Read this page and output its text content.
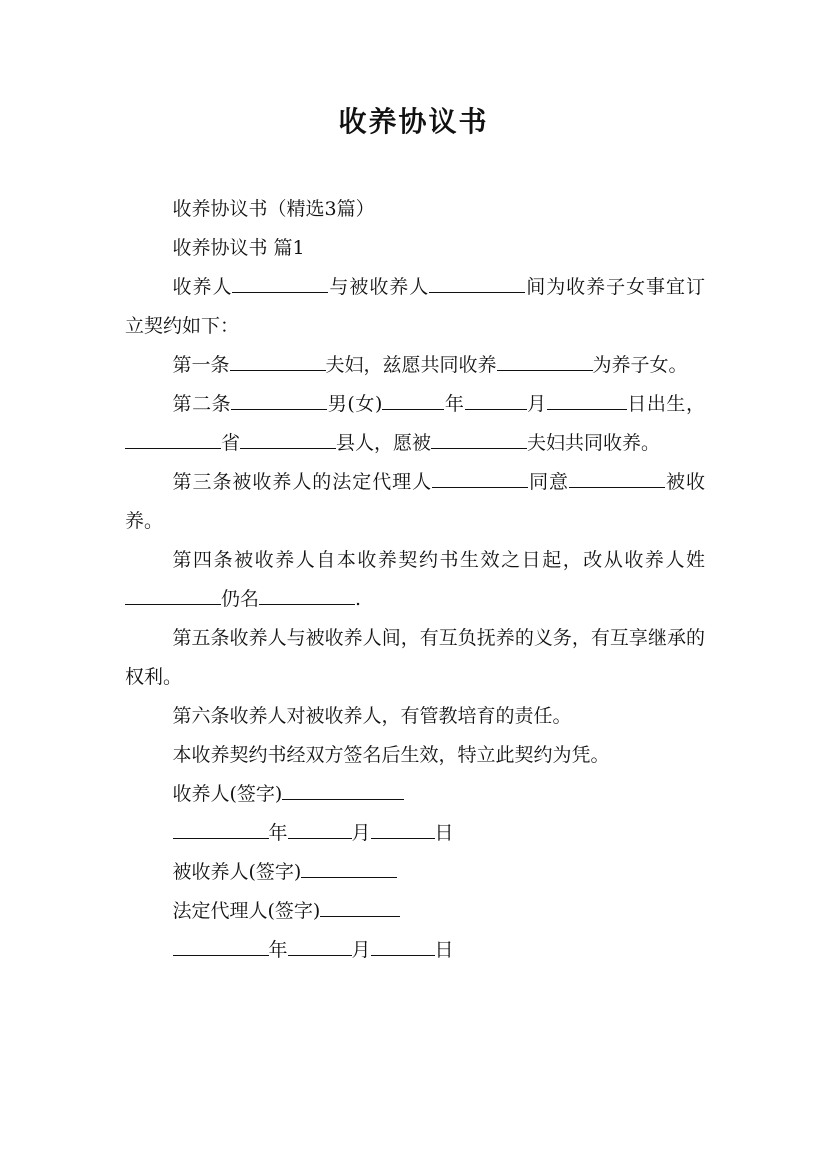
收养协议书

收养协议书（精选3篇）

收养协议书 篇1

收养人	与被收养人	间为收养子女事宜订立契约如下：

第一条	夫妇，兹愿共同收养	为养子女。

第二条	男(女)	年	月	日出生，省	县人，愿被	夫妇共同收养。

第三条被收养人的法定代理人	同意	被收养。

第四条被收养人自本收养契约书生效之日起，改从收养人姓仍名	.

第五条收养人与被收养人间，有互负抚养的义务，有互享继承的权利。

第六条收养人对被收养人，有管教培育的责任。

本收养契约书经双方签名后生效，特立此契约为凭。

收养人(签字)

年	月	日

被收养人(签字)

法定代理人(签字)

年	月	日
